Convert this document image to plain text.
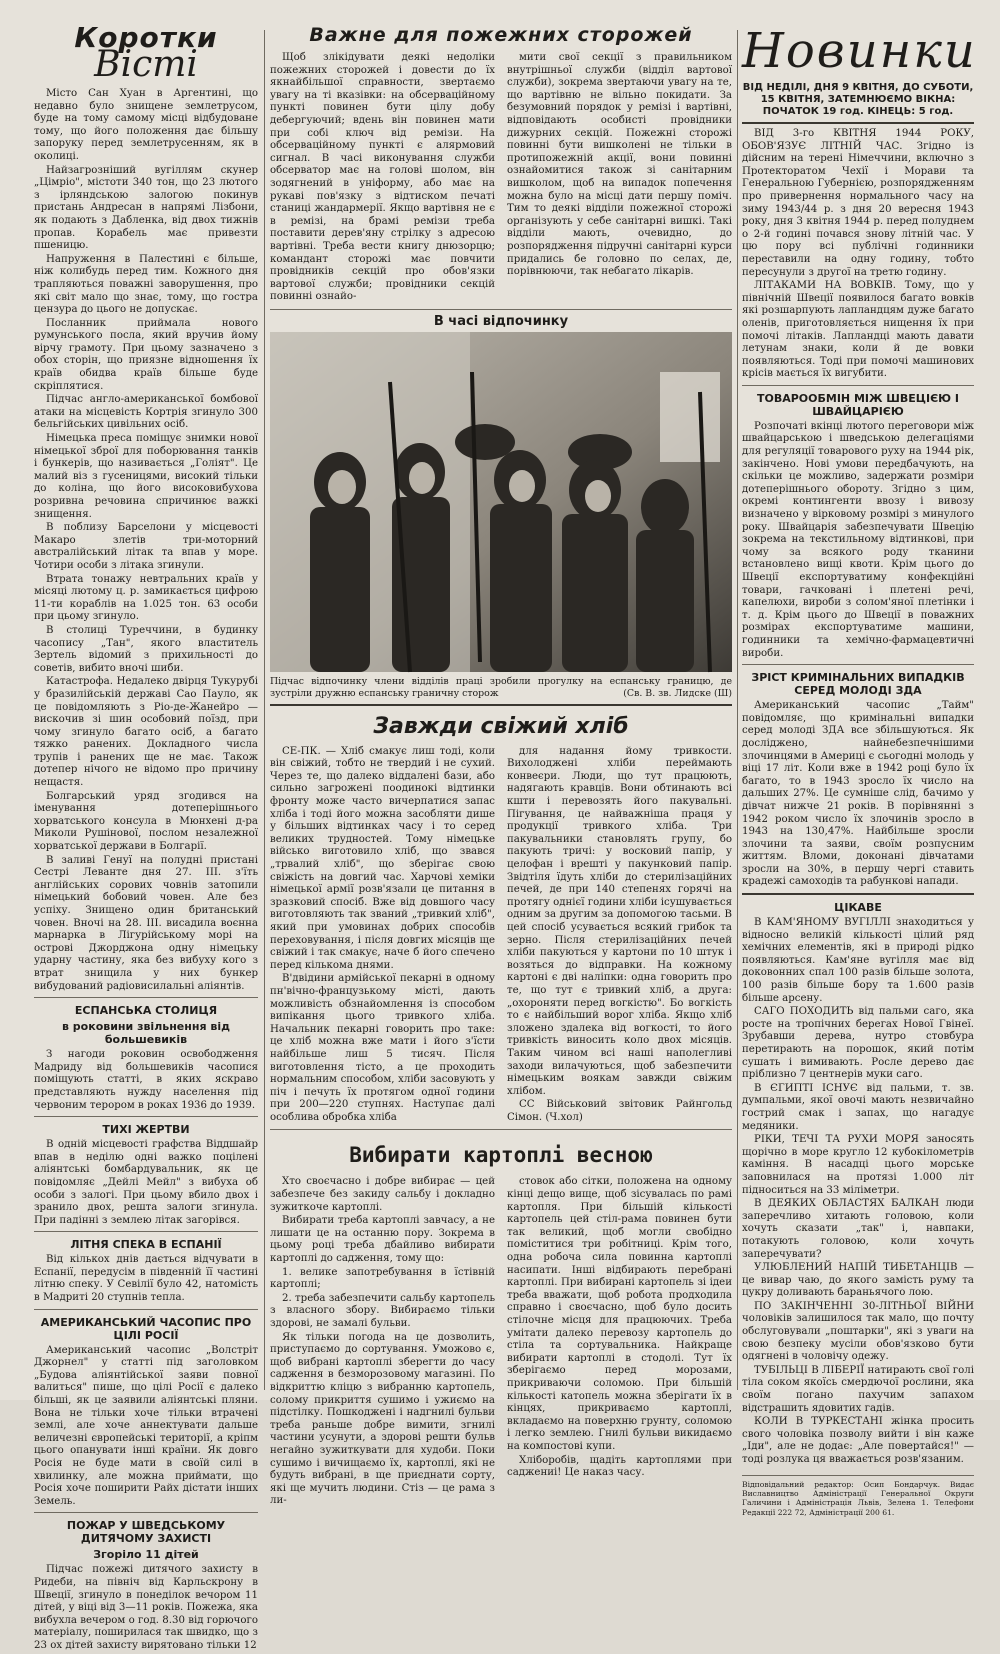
Коротки
Вісті

Місто Сан Хуан в Аргентині, що недавно було знищене землетрусом, буде на тому самому місці відбудоване тому, що його положення дає більшу запоруку перед землетрусенням, як в околиці.

Найзагрозніший вугіллям скунер „Цімріо", містоти 340 тон, що 23 лютого з ірляндською залогою покинув пристань Андресан в напрямі Лізбони, як подають з Дабленка, від двох тижнів пропав. Корабель має привезти пшеницю.

Напруження в Палестині є більше, ніж колибудь перед тим. Кожного дня трапляються поважні заворушення, про які світ мало що знає, тому, що гостра цензура до цього не допускає.

Посланник приймала нового румунського посла, який вручив йому вірчу грамоту. При цьому зазначено з обох сторін, що приязне відношення їх країв обидва країв більше буде скріплятися.

Підчас англо-американської бомбової атаки на місцевість Кортрія згинуло 300 бельгійських цивільних осіб.

Німецька преса поміщує знимки нової німецької зброї для поборювання танків і бункерів, що називається „Голіят". Це малий віз з гусеницями, високий тільки до коліна, що його високовибухова розривна речовина спричинює важкі знищення.

В поблизу Барселони у місцевості Макаро злетів три-моторний австралійський літак та впав у море. Чотири особи з літака згинули.

Втрата тонажу невтральних країв у місяці лютому ц. р. замикається цифрою 11-ти кораблів на 1.025 тон. 63 особи при цьому згинуло.

В столиці Туреччини, в будинку часопису „Тан", якого властитель Зертель відомий з прихильності до советів, вибито вночі шиби.

Катастрофа. Недалеко двірця Тукурубі у бразилійській державі Сао Пауло, як це повідомляють з Ріо-де-Жанейро — вискочив зі шин особовий поїзд, при чому згинуло багато осіб, а багато тяжко ранених. Докладного числа трупів і ранених ще не має. Також дотепер нічого не відомо про причину нещастя.

Болгарський уряд згодився на іменування дотеперішнього хорватського консула в Мюнхені д-ра Миколи Рушінової, послом незалежної хорватської держави в Болгарії.

В заливі Генуї на полудні пристані Сестрі Леванте дня 27. III. з'їть англійських сорових човнів затопили німецький бобовий човен. Але без успіху. Знищено один британський човен. Вночі на 28. III. висадила воєнна марнарка в Лігурійському морі на острові Джорджона одну німецьку ударну частину, яка без вибуху кого з втрат знищила у них бункер вибудований радіовисилальні аліянтів.

ЕСПАНСЬКА СТОЛИЦЯ
в роковини звільнення від большевиків

З нагоди роковин освободження Мадриду від большевиків часопися поміщують статті, в яких яскраво представляють нужду населення під червоним терором в роках 1936 до 1939.

ТИХІ ЖЕРТВИ

В одній місцевості графства Віддшайр впав в неділю одні важко поцілені аліянтські бомбардувальник, як це повідомляє „Дейлі Мейл" з вибуха об особи з залогі. При цьому вбило двох і зранило двох, решта залоги згинула. При падінні з землею літак загорівся.

ЛІТНЯ СПЕКА В ЕСПАНІЇ

Від кількох днів дається відчувати в Еспанії, передусім в південній її частині літню спеку. У Севілії було 42, натомість в Мадриті 20 ступнів тепла.

АМЕРИКАНСЬКИЙ ЧАСОПИС ПРО ЦІЛІ РОСІЇ

Американський часопис „Волстріт Джорнел" у статті під заголовком „Будова аліянтійської заяви повної валиться" пише, що цілі Росії є далеко більші, як це заявили аліянтські пляни. Вона не тільки хоче тільки втрачені землі, але хоче аннектувати дальше величезні європейські території, а кріпм цього опанувати інші країни. Як довго Росія не буде мати в своїй силі в хвилинку, але можна приймати, що Росія хоче поширити Райх дістати інших Земель.

ПОЖАР У ШВЕДСЬКОМУ ДИТЯЧОМУ ЗАХИСТІ
Згоріло 11 дітей

Підчас пожежі дитячого захисту в Ридеби, на північ від Карльскрону в Швеції, згинуло в понеділок вечором 11 дітей, у віці від 3—11 років. Пожежа, яка вибухла вечером о год. 8.30 від горючого матеріалу, поширилася так швидко, що з 23 ох дітей захисту вирятовано тільки 12

Важне для пожежних сторожей

Щоб злікідувати деякі недоліки пожежних сторожей і довести до їх якнайбільшої справности, звертаємо увагу на ті вказівки: на обсерваційному пункті повинен бути цілу добу дебергуючий; вдень він повинен мати при собі ключ від ремізи. На обсерваційному пункті є алярмовий сигнал. В часі виконування служби обсерватор має на голові шолом, він зодягнений в уніформу, або має на рукаві пов'язку з відтиском печаті станиці жандармерії. Якщо вартівня не є в ремізі, на брамі ремізи треба поставити дерев'яну стрілку з адресою вартівні. Треба вести книгу днюзорцю; командант сторожі має повчити провідників секцій про обов'язки вартової служби; провідники секцій повинні ознайо-

мити свої секції з правильником внутрішньої служби (відділ вартової служби), зокрема звертаючи увагу на те, що вартівню не вільно покидати. За безумовний порядок у ремізі і вартівні, відповідають особисті провідники дижурних секцій. Пожежні сторожі повинні бути вишколені не тільки в протипожежній акції, вони повинні ознайомитися також зі санітарним вишколом, щоб на випадок попечення можна було на місці дати першу поміч. Тим то деякі відділи пожежної сторожі організують у себе санітарні вишкі. Такі відділи мають, очевидно, до розпорядження підручні санітарні курси придались бе головно по селах, де, порівнюючи, так небагато лікарів.

В часі відпочинку
Підчас відпочинку члени відділів праці зробили прогулку на еспанську границю, де зустріли дружню еспанську граничну сторож	(Св. В. зв. Лидске (Ш)
Завжди свіжий хліб

СЕ-ПК. — Хліб смакує лиш тоді, коли він свіжий, тобто не твердий і не сухий. Через те, що далеко віддалені бази, або сильно загрожені поодинокі відтинки фронту може часто вичерпатися запас хліба і тоді його можна засобляти дише у більших відтинках часу і то серед великих трудностей. Тому німецьке військо виготовило хліб, що звався „трвалий хліб", що зберігає свою свіжість на довгий час. Харчові хеміки німецької армії розв'язали це питання в зразковий спосіб. Вже від довшого часу виготовляють так званий „тривкий хліб", який при умовинах добрих способів переховування, і після довгих місяців ще свіжий і так смакує, наче б його спечено перед кількома днями.

В'двідини армійської пекарні в одному пн'вічно-французькому місті, дають можливість обзнайомлення із способом випікання цього тривкого хліба. Начальник пекарні говорить про таке: це хліб можна вже мати і його з'їсти найбільше лиш 5 тисяч. Після виготовлення тісто, а це проходить нормальним способом, хліби засовують у піч і печуть їх протягом одної години при 200—220 ступнях. Наступає далі особлива обробка хліба

для надання йому тривкости. Вихолоджені хліби переймають конвеєри. Люди, що тут працюють, надягають кравців. Вони обтинають всі кшти і перевозять його пакувальні. Пігування, це найважніша праця у продукції тривкого хліба. Три пакувальники становлять групу, бо пакують тричі: у восковий папір, у целофан і врешті у пакунковий папір. Звідтіля їдуть хліби до стерилізаційних печей, де при 140 степенях горячі на протягу однієї години хліби ісушувається одним за другим за допомогою тасьми. В цей спосіб усувається всякий грибок та зерно. Після стерилізаційних печей хліби пакуються у картони по 10 штук і возяться до відправки. На кожному картоні є дві наліпки: одна говорить про те, що тут є тривкий хліб, а друга: „охороняти перед вогкістю". Бо вогкість то є найбільший ворог хліба. Якщо хліб зложено здалека від вогкості, то його тривкість виносить коло двох місяців. Таким чином всі наші наполегливі заходи вилачуються, щоб забезпечити німецьким воякам завжди свіжим хлібом.

СС Військовий звітовик Райнгольд Сімон. (Ч.хол)

Вибирати картоплі весною

Хто своєчасно і добре вибирає — цей забезпече без закиду сальбу і докладно зужиткоче картоплі.

Вибирати треба картоплі завчасу, а не лишати це на останню пору. Зокрема в цьому році треба дбайливо вибирати картоплі до садження, тому що:

1. велике запотребування в їстівній картоплі;

2. треба забезпечити сальбу картопель з власного збору. Вибираємо тільки здорові, не замалі бульви.

Як тільки погода на це дозволить, приступаємо до сортування. Уможово є, щоб вибрані картоплі зберегти до часу садження в безморозовому магазині. По відкриттю кліцю з вибранню картопель, солому прикриття сушимо і ужиємо на підстілку. Пошкоджені і надгнилі бульви треба раньше добре вимити, згнилі частини усунути, а здорові решти бульв негайно зужиткувати для худоби. Поки сушимо і вичищаємо їх, картоплі, які не будуть вибрані, в ще приєднати сорту, які ще мучить людини. Стіз — це рама з ли-

стовок або сітки, положена на одному кінці дещо вище, щоб зісувалась по рамі картопля. При більшій кількості картопель цей стіл-рама повинен бути так великий, щоб могли свобідно поміститися три робітниці. Крім того, одна робоча сила повинна картоплі насипати. Інші відбирають перебрані картоплі. При вибирані картопель зі ідеи треба вважати, щоб робота продходила справно і своєчасно, щоб було досить стілочне місця для працюючих. Треба умітати далеко перевозу картопель до стіла та сортувальника. Найкраще вибирати картоплі в стодолі. Тут їх зберігаємо перед морозами, прикриваючи соломою. При більшій кількості катопель можна зберігати їх в кінцях, прикриваємо картоплі, вкладаємо на поверхню грунту, соломою і легко землею. Гнилі бульви викидаємо на компостові купи.

Хліборобів, щадіть картоплями при саджениі! Це наказ часу.

Новинки
ВІД НЕДІЛІ, ДНЯ 9 КВІТНЯ, ДО СУБОТИ, 15 КВІТНЯ, ЗАТЕМНЮЄМО ВІКНА: ПОЧАТОК 19 год. КІНЕЦЬ: 5 год.

ВІД 3-го КВІТНЯ 1944 РОКУ, ОБОВ'ЯЗУЄ ЛІТНІЙ ЧАС. Згідно із дійсним на терені Німеччини, включно з Протекторатом Чехії і Морави та Генеральною Губернією, розпорядженням про привернення нормального часу на зиму 1943/44 р. з дня 20 вересня 1943 року, дня 3 квітня 1944 р. перед полуднем о 2-й годині почався знову літній час. У цю пору всі публічні годинники переставили на одну годину, тобто пересунули з другої на третю годину.

ЛІТАКАМИ НА ВОВКІВ. Тому, що у північній Швеції появилося багато вовків які розшарпують лапландцям дуже багато оленів, приготовляється нищення їх при помочі літаків. Лапландці мають давати летунам знаки, коли й де вовки появляються. Тоді при помочі машинових крісів мається їх вигубити.

ТОВАРООБМІН МІЖ ШВЕЦІЄЮ І ШВАЙЦАРІЄЮ

Розпочаті вкінці лютого переговори між швайцарською і шведською делегаціями для регуляції товарового руху на 1944 рік, закінчено. Нові умови передбачують, на скільки це можливо, задержати розміри дотеперішнього обороту. Згідно з цим, окремі контингенти ввозу і вивозу визначено у вірковому розмірі з минулого року. Швайцарія забезпечувати Швецію зокрема на текстильному відтинкові, при чому за всякого роду тканини встановлено вищі квоти. Крім цього до Швеції експортуватиму конфекційні товари, гачковані і плетені речі, капелюхи, вироби з солом'яної плетінки і т. д. Крім цього до Швеції в поважних розмірах експортуватиме машини, годинники та хемічно-фармацевтичні вироби.

ЗРІСТ КРИМІНАЛЬНИХ ВИПАДКІВ СЕРЕД МОЛОДІ ЗДА

Американський часопис „Тайм" повідомляє, що кримінальні випадки серед молоді ЗДА все збільшуються. Як досліджено, найнебезпечнішими злочинцями в Америці є сьогодні молодь у віці 17 літ. Коли вже в 1942 році було їх багато, то в 1943 зросло їх число на дальших 27%. Це сумніше слід, бачимо у дівчат нижче 21 років. В порівнянні з 1942 роком число їх злочинів зросло в 1943 на 130,47%. Найбільше зросли злочини та заяви, своїм розпусним життям. Вломи, доконані дівчатами зросли на 30%, в першу чергі ставить крадежі самоходів та рабункові напади.

ЦІКАВЕ

В КАМ'ЯНОМУ ВУГІЛЛІ знаходиться у відносно великій кількості цілий ряд хемічних елементів, які в природі рідко появляються. Кам'яне вугілля має від доковонних спал 100 разів більше золота, 100 разів більше бору та 1.600 разів більше арсену.

САГО ПОХОДИТЬ від пальми саго, яка росте на тропічних берегах Нової Гвінеї. Зрубавши дерева, нутро стовбура перетирають на порошок, який потім сушать і вимивають. Росле дерево дає пріблизно 7 центнерів муки саго.

В ЄГИПТІ ІСНУЄ від пальми, т. зв. думпальми, якої овочі мають незвичайно гострий смак і запах, що нагадує медяники.

РІКИ, ТЕЧІ ТА РУХИ МОРЯ заносять щорічно в море кругло 12 кубокілометрів каміння. В насадці цього морське заповнилася на протязі 1.000 літ підноситься на 33 міліметри.

В ДЕЯКИХ ОБЛАСТЯХ БАЛКАН люди заперечливо хитають головою, коли хочуть сказати „так" і, навпаки, потакують головою, коли хочуть заперечувати?

УЛЮБЛЕНИЙ НАПІЙ ТИБЕТАНЦІВ — це вивар чаю, до якого замість руму та цукру доливають бараньячого лою.

ПО ЗАКІНЧЕННІ 30-ЛІТНЬОЇ ВІЙНИ чоловіків залишилося так мало, що почту обслуговували „поштарки", які з уваги на свою безпеку мусіли обов'язково бути одягнені в чоловічу одежу.

ТУБІЛЬЦІ В ЛІБЕРІЇ натирають свої голі тіла соком якоїсь смердючої рослини, яка своїм погано пахучим запахом відстрашить ядовитих гадів.

КОЛИ В ТУРКЕСТАНІ жінка просить свого чоловіка позволу вийти і він каже „Іди", але не додає: „Але повертайся!" — тоді розлука ця вважається розв'язаним.

Відповідальний редактор: Осип Бондарчук. Видає Виславництво Адміністрації Генеральної Округи Галичини і Адміністрація Львів, Зелена 1. Телефони Редакції 222 72, Адміністрації 200 61.
